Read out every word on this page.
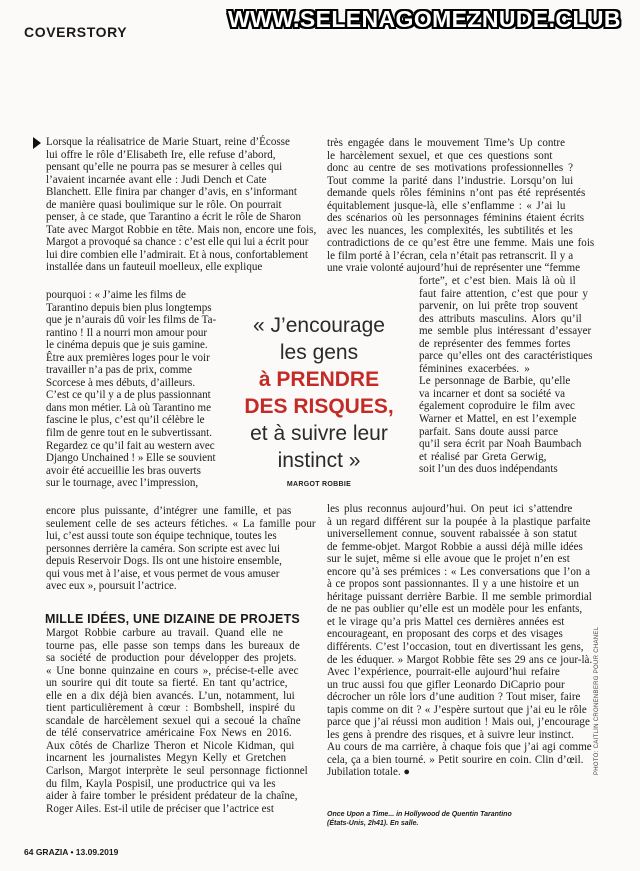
WWW.SELENAGOMEZNUDE.CLUB
COVERSTORY
Lorsque la réalisatrice de Marie Stuart, reine d’Écosse
lui offre le rôle d’Elisabeth Ire, elle refuse d’abord,
pensant qu’elle ne pourra pas se mesurer à celles qui
l’avaient incarnée avant elle : Judi Dench et Cate
Blanchett. Elle finira par changer d’avis, en s’informant
de manière quasi boulimique sur le rôle. On pourrait
penser, à ce stade, que Tarantino a écrit le rôle de Sharon
Tate avec Margot Robbie en tête. Mais non, encore une fois,
Margot a provoqué sa chance : c’est elle qui lui a écrit pour
lui dire combien elle l’admirait. Et à nous, confortablement
installée dans un fauteuil moelleux, elle explique
pourquoi : « J’aime les films de
Tarantino depuis bien plus longtemps
que je n’aurais dû voir les films de Ta-
rantino ! Il a nourri mon amour pour
le cinéma depuis que je suis gamine.
Être aux premières loges pour le voir
travailler n’a pas de prix, comme
Scorcese à mes débuts, d’ailleurs.
C’est ce qu’il y a de plus passionnant
dans mon métier. Là où Tarantino me
fascine le plus, c’est qu’il célèbre le
film de genre tout en le subvertissant.
Regardez ce qu’il fait au western avec
Django Unchained ! » Elle se souvient
avoir été accueillie les bras ouverts
sur le tournage, avec l’impression,
encore plus puissante, d’intégrer une famille, et pas
seulement celle de ses acteurs fétiches. « La famille pour
lui, c’est aussi toute son équipe technique, toutes les
personnes derrière la caméra. Son scripte est avec lui
depuis Reservoir Dogs. Ils ont une histoire ensemble,
qui vous met à l’aise, et vous permet de vous amuser
avec eux », poursuit l’actrice.
MILLE IDÉES, UNE DIZAINE DE PROJETS
Margot Robbie carbure au travail. Quand elle ne
tourne pas, elle passe son temps dans les bureaux de
sa société de production pour développer des projets.
« Une bonne quinzaine en cours », précise-t-elle avec
un sourire qui dit toute sa fierté. En tant qu’actrice,
elle en a dix déjà bien avancés. L’un, notamment, lui
tient particulièrement à cœur : Bombshell, inspiré du
scandale de harcèlement sexuel qui a secoué la chaîne
de télé conservatrice américaine Fox News en 2016.
Aux côtés de Charlize Theron et Nicole Kidman, qui
incarnent les journalistes Megyn Kelly et Gretchen
Carlson, Margot interprète le seul personnage fictionnel
du film, Kayla Pospisil, une productrice qui va les
aider à faire tomber le président prédateur de la chaîne,
Roger Ailes. Est-il utile de préciser que l’actrice est
très engagée dans le mouvement Time’s Up contre
le harcèlement sexuel, et que ces questions sont
donc au centre de ses motivations professionnelles ?
Tout comme la parité dans l’industrie. Lorsqu’on lui
demande quels rôles féminins n’ont pas été représentés
équitablement jusque-là, elle s’enflamme : « J’ai lu
des scénarios où les personnages féminins étaient écrits
avec les nuances, les complexités, les subtilités et les
contradictions de ce qu’est être une femme. Mais une fois
le film porté à l’écran, cela n’était pas retranscrit. Il y a
une vraie volonté aujourd’hui de représenter une “femme
forte”, et c’est bien. Mais là où il
faut faire attention, c’est que pour y
parvenir, on lui prête trop souvent
des attributs masculins. Alors qu’il
me semble plus intéressant d’essayer
de représenter des femmes fortes
parce qu’elles ont des caractéristiques
féminines exacerbées. »
Le personnage de Barbie, qu’elle
va incarner et dont sa société va
également coproduire le film avec
Warner et Mattel, en est l’exemple
parfait. Sans doute aussi parce
qu’il sera écrit par Noah Baumbach
et réalisé par Greta Gerwig,
soit l’un des duos indépendants
les plus reconnus aujourd’hui. On peut ici s’attendre
à un regard différent sur la poupée à la plastique parfaite
universellement connue, souvent rabaissée à son statut
de femme-objet. Margot Robbie a aussi déjà mille idées
sur le sujet, même si elle avoue que le projet n’en est
encore qu’à ses prémices : « Les conversations que l’on a
à ce propos sont passionnantes. Il y a une histoire et un
héritage puissant derrière Barbie. Il me semble primordial
de ne pas oublier qu’elle est un modèle pour les enfants,
et le virage qu’a pris Mattel ces dernières années est
encourageant, en proposant des corps et des visages
différents. C’est l’occasion, tout en divertissant les gens,
de les éduquer. » Margot Robbie fête ses 29 ans ce jour-là.
Avec l’expérience, pourrait-elle aujourd’hui refaire
un truc aussi fou que gifler Leonardo DiCaprio pour
décrocher un rôle lors d’une audition ? Tout miser, faire
tapis comme on dit ? « J’espère surtout que j’ai eu le rôle
parce que j’ai réussi mon audition ! Mais oui, j’encourage
les gens à prendre des risques, et à suivre leur instinct.
Au cours de ma carrière, à chaque fois que j’ai agi comme
cela, ça a bien tourné. » Petit sourire en coin. Clin d’œil.
Jubilation totale. ●
« J’encourage
les gens
à PRENDRE
DES RISQUES,
et à suivre leur
instinct »
MARGOT ROBBIE
Once Upon a Time... in Hollywood de Quentin Tarantino
(États-Unis, 2h41). En salle.
PHOTO: CAITLIN CRONENBERG POUR CHANEL
64 GRAZIA • 13.09.2019
